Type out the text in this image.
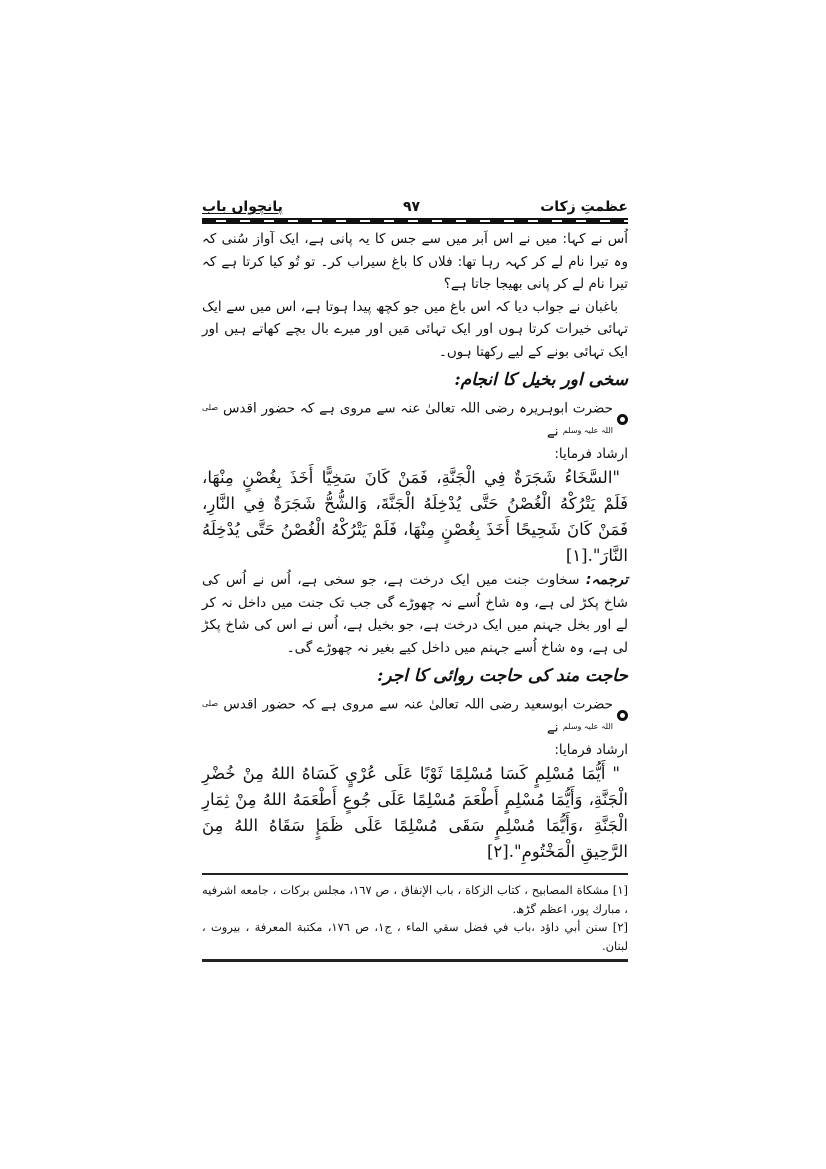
عظمتِ زکات
۹۷
پانچواں باب

اُس نے کہا: میں نے اس اَبر میں سے جس کا یہ پانی ہے، ایک آواز سُنی کہ وہ تیرا نام لے کر کہہ رہا تھا: فلاں کا باغ سیراب کر۔ تو تُو کیا کرتا ہے کہ تیرا نام لے کر پانی بھیجا جاتا ہے؟

باغبان نے جواب دیا کہ اس باغ میں جو کچھ پیدا ہوتا ہے، اس میں سے ایک تہائی خیرات کرتا ہوں اور ایک تہائی مَیں اور میرے بال بچے کھاتے ہیں اور ایک تہائی بونے کے لیے رکھتا ہوں۔

سخی اور بخیل کا انجام:
حضرت ابوہریرہ رضی اللہ تعالیٰ عنہ سے مروی ہے کہ حضور اقدس صلی اللہ علیہ وسلم نے

ارشاد فرمایا:

"السَّخَاءُ شَجَرَةٌ فِي الْجَنَّةِ، فَمَنْ كَانَ سَخِيًّا أَخَذَ بِغُصْنٍ مِنْهَا، فَلَمْ يَتْرُكْهُ الْغُصْنُ حَتَّى يُدْخِلَهُ الْجَنَّةَ، وَالشُّحُّ شَجَرَةٌ فِي النَّارِ، فَمَنْ كَانَ شَحِيحًا أَخَذَ بِغُصْنٍ مِنْهَا، فَلَمْ يَتْرُكْهُ الْغُصْنُ حَتَّى يُدْخِلَهُ النَّارَ".[۱]

ترجمہ: سخاوت جنت میں ایک درخت ہے، جو سخی ہے، اُس نے اُس کی شاخ پکڑ لی ہے، وہ شاخ اُسے نہ چھوڑے گی جب تک جنت میں داخل نہ کر لے اور بخل جہنم میں ایک درخت ہے، جو بخیل ہے، اُس نے اس کی شاخ پکڑ لی ہے، وہ شاخ اُسے جہنم میں داخل کیے بغیر نہ چھوڑے گی۔

حاجت مند کی حاجت روائی کا اجر:
حضرت ابوسعید رضی اللہ تعالیٰ عنہ سے مروی ہے کہ حضور اقدس صلی اللہ علیہ وسلم نے

ارشاد فرمایا:

" أَيُّمَا مُسْلِمٍ كَسَا مُسْلِمًا ثَوْبًا عَلَى عُرْيٍ كَسَاهُ اللهُ مِنْ خُضْرِ الْجَنَّةِ، وَأَيُّمَا مُسْلِمٍ أَطْعَمَ مُسْلِمًا عَلَى جُوعٍ أَطْعَمَهُ اللهُ مِنْ ثِمَارِ الْجَنَّةِ ،وَأَيُّمَا مُسْلِمٍ سَقَى مُسْلِمًا عَلَى ظَمَإٍ سَقَاهُ اللهُ مِنَ الرَّحِيقِ الْمَخْتُومِ".[۲]

[۱] مشكاة المصابيح ، كتاب الزكاة ، باب الإنفاق ، ص ۱٦۷، مجلس بركات ، جامعه اشرفیه ، مبارك پور، اعظم گڑھ.

[۲] سنن أبي داؤد ،باب في فضل سقي الماء ، ج۱، ص ۱۷٦، مكتبة المعرفة ، بيروت ، لبنان.
